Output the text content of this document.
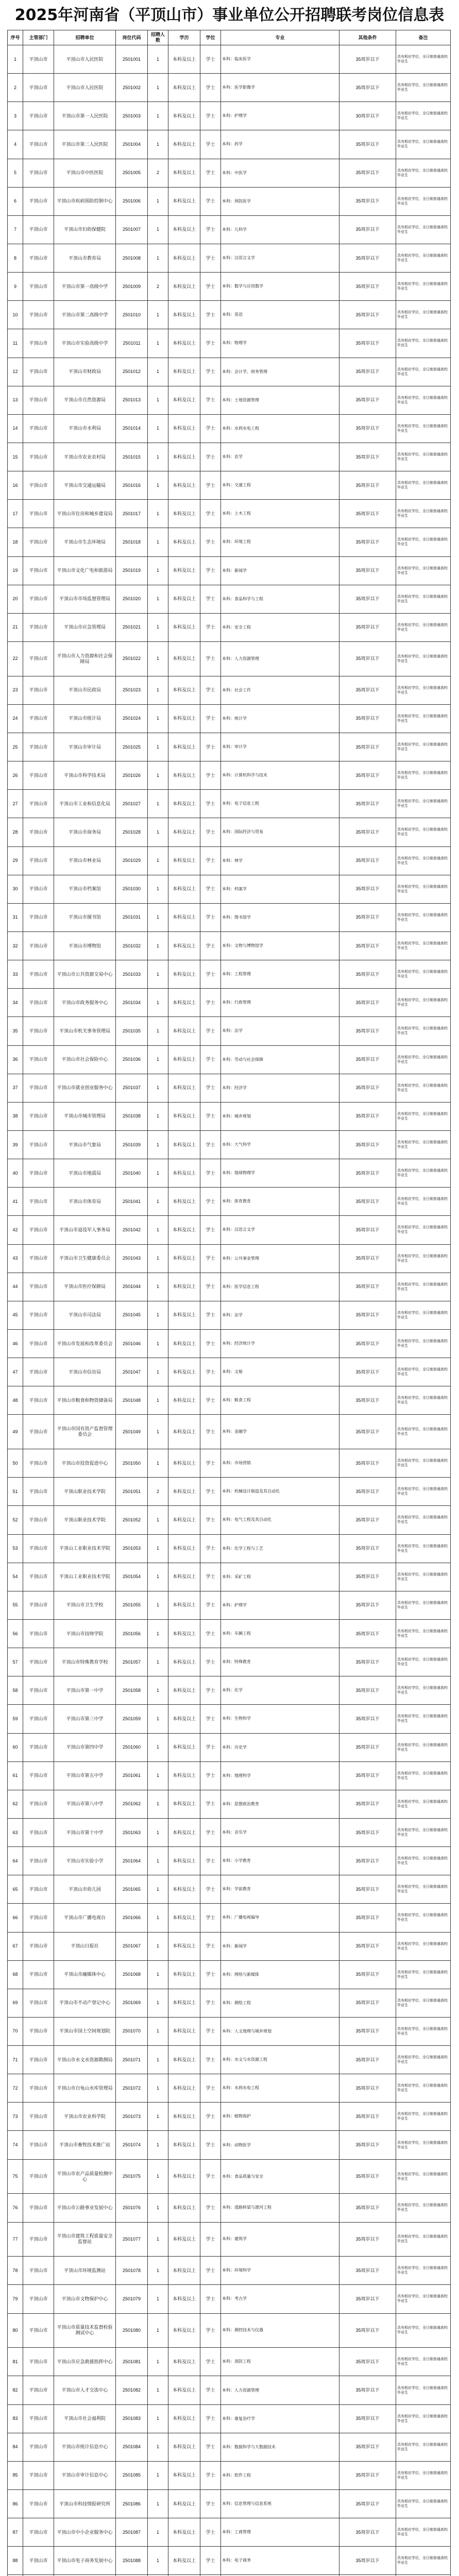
2025年河南省（平顶山市）事业单位公开招聘联考岗位信息表
序号	主管部门	招聘单位	岗位代码	招聘人数	学历	学位	专业	其他条件	备注
1	平顶山市	平顶山市人民医院	2501001	1	本科及以上	学士	本科：临床医学	35周岁以下	具有相应学位，全日制普通高校毕业生
2	平顶山市	平顶山市人民医院	2501002	1	本科及以上	学士	本科：医学影像学	35周岁以下	具有相应学位，全日制普通高校毕业生
3	平顶山市	平顶山市第一人民医院	2501003	1	本科及以上	学士	本科：护理学	30周岁以下	具有相应学位，全日制普通高校毕业生
4	平顶山市	平顶山市第二人民医院	2501004	1	本科及以上	学士	本科：药学	35周岁以下	具有相应学位，全日制普通高校毕业生
5	平顶山市	平顶山市中医医院	2501005	2	本科及以上	学士	本科：中医学	35周岁以下	具有相应学位，全日制普通高校毕业生
6	平顶山市	平顶山市疾病预防控制中心	2501006	1	本科及以上	学士	本科：预防医学	35周岁以下	具有相应学位，全日制普通高校毕业生
7	平顶山市	平顶山市妇幼保健院	2501007	1	本科及以上	学士	本科：儿科学	35周岁以下	具有相应学位，全日制普通高校毕业生
8	平顶山市	平顶山市教育局	2501008	1	本科及以上	学士	本科：汉语言文学	35周岁以下	具有相应学位，全日制普通高校毕业生
9	平顶山市	平顶山市第一高级中学	2501009	2	本科及以上	学士	本科：数学与应用数学	35周岁以下	具有相应学位，全日制普通高校毕业生
10	平顶山市	平顶山市第二高级中学	2501010	1	本科及以上	学士	本科：英语	35周岁以下	具有相应学位，全日制普通高校毕业生
11	平顶山市	平顶山市实验高级中学	2501011	1	本科及以上	学士	本科：物理学	35周岁以下	具有相应学位，全日制普通高校毕业生
12	平顶山市	平顶山市财政局	2501012	1	本科及以上	学士	本科：会计学、财务管理	35周岁以下	具有相应学位，全日制普通高校毕业生
13	平顶山市	平顶山市自然资源局	2501013	1	本科及以上	学士	本科：土地资源管理	35周岁以下	具有相应学位，全日制普通高校毕业生
14	平顶山市	平顶山市水利局	2501014	1	本科及以上	学士	本科：水利水电工程	35周岁以下	具有相应学位，全日制普通高校毕业生
15	平顶山市	平顶山市农业农村局	2501015	1	本科及以上	学士	本科：农学	35周岁以下	具有相应学位，全日制普通高校毕业生
16	平顶山市	平顶山市交通运输局	2501016	1	本科及以上	学士	本科：交通工程	35周岁以下	具有相应学位，全日制普通高校毕业生
17	平顶山市	平顶山市住房和城乡建设局	2501017	1	本科及以上	学士	本科：土木工程	35周岁以下	具有相应学位，全日制普通高校毕业生
18	平顶山市	平顶山市生态环境局	2501018	1	本科及以上	学士	本科：环境工程	35周岁以下	具有相应学位，全日制普通高校毕业生
19	平顶山市	平顶山市文化广电和旅游局	2501019	1	本科及以上	学士	本科：新闻学	35周岁以下	具有相应学位，全日制普通高校毕业生
20	平顶山市	平顶山市市场监督管理局	2501020	1	本科及以上	学士	本科：食品科学与工程	35周岁以下	具有相应学位，全日制普通高校毕业生
21	平顶山市	平顶山市应急管理局	2501021	1	本科及以上	学士	本科：安全工程	35周岁以下	具有相应学位，全日制普通高校毕业生
22	平顶山市	平顶山市人力资源和社会保障局	2501022	1	本科及以上	学士	本科：人力资源管理	35周岁以下	具有相应学位，全日制普通高校毕业生
23	平顶山市	平顶山市民政局	2501023	1	本科及以上	学士	本科：社会工作	35周岁以下	具有相应学位，全日制普通高校毕业生
24	平顶山市	平顶山市统计局	2501024	1	本科及以上	学士	本科：统计学	35周岁以下	具有相应学位，全日制普通高校毕业生
25	平顶山市	平顶山市审计局	2501025	1	本科及以上	学士	本科：审计学	35周岁以下	具有相应学位，全日制普通高校毕业生
26	平顶山市	平顶山市科学技术局	2501026	1	本科及以上	学士	本科：计算机科学与技术	35周岁以下	具有相应学位，全日制普通高校毕业生
27	平顶山市	平顶山市工业和信息化局	2501027	1	本科及以上	学士	本科：电子信息工程	35周岁以下	具有相应学位，全日制普通高校毕业生
28	平顶山市	平顶山市商务局	2501028	1	本科及以上	学士	本科：国际经济与贸易	35周岁以下	具有相应学位，全日制普通高校毕业生
29	平顶山市	平顶山市林业局	2501029	1	本科及以上	学士	本科：林学	35周岁以下	具有相应学位，全日制普通高校毕业生
30	平顶山市	平顶山市档案馆	2501030	1	本科及以上	学士	本科：档案学	35周岁以下	具有相应学位，全日制普通高校毕业生
31	平顶山市	平顶山市图书馆	2501031	1	本科及以上	学士	本科：图书馆学	35周岁以下	具有相应学位，全日制普通高校毕业生
32	平顶山市	平顶山市博物馆	2501032	1	本科及以上	学士	本科：文物与博物馆学	35周岁以下	具有相应学位，全日制普通高校毕业生
33	平顶山市	平顶山市公共资源交易中心	2501033	1	本科及以上	学士	本科：工程管理	35周岁以下	具有相应学位，全日制普通高校毕业生
34	平顶山市	平顶山市政务服务中心	2501034	1	本科及以上	学士	本科：行政管理	35周岁以下	具有相应学位，全日制普通高校毕业生
35	平顶山市	平顶山市机关事务管理局	2501035	1	本科及以上	学士	本科：法学	35周岁以下	具有相应学位，全日制普通高校毕业生
36	平顶山市	平顶山市社会保险中心	2501036	1	本科及以上	学士	本科：劳动与社会保障	35周岁以下	具有相应学位，全日制普通高校毕业生
37	平顶山市	平顶山市就业创业服务中心	2501037	1	本科及以上	学士	本科：经济学	35周岁以下	具有相应学位，全日制普通高校毕业生
38	平顶山市	平顶山市城市管理局	2501038	1	本科及以上	学士	本科：城乡规划	35周岁以下	具有相应学位，全日制普通高校毕业生
39	平顶山市	平顶山市气象局	2501039	1	本科及以上	学士	本科：大气科学	35周岁以下	具有相应学位，全日制普通高校毕业生
40	平顶山市	平顶山市地震局	2501040	1	本科及以上	学士	本科：地球物理学	35周岁以下	具有相应学位，全日制普通高校毕业生
41	平顶山市	平顶山市体育局	2501041	1	本科及以上	学士	本科：体育教育	35周岁以下	具有相应学位，全日制普通高校毕业生
42	平顶山市	平顶山市退役军人事务局	2501042	1	本科及以上	学士	本科：汉语言文学	35周岁以下	具有相应学位，全日制普通高校毕业生
43	平顶山市	平顶山市卫生健康委员会	2501043	1	本科及以上	学士	本科：公共事业管理	35周岁以下	具有相应学位，全日制普通高校毕业生
44	平顶山市	平顶山市医疗保障局	2501044	1	本科及以上	学士	本科：医学信息工程	35周岁以下	具有相应学位，全日制普通高校毕业生
45	平顶山市	平顶山市司法局	2501045	1	本科及以上	学士	本科：法学	35周岁以下	具有相应学位，全日制普通高校毕业生
46	平顶山市	平顶山市发展和改革委员会	2501046	1	本科及以上	学士	本科：经济统计学	35周岁以下	具有相应学位，全日制普通高校毕业生
47	平顶山市	平顶山市信访局	2501047	1	本科及以上	学士	本科：文秘	35周岁以下	具有相应学位，全日制普通高校毕业生
48	平顶山市	平顶山市粮食和物资储备局	2501048	1	本科及以上	学士	本科：粮食工程	35周岁以下	具有相应学位，全日制普通高校毕业生
49	平顶山市	平顶山市国有资产监督管理委员会	2501049	1	本科及以上	学士	本科：金融学	35周岁以下	具有相应学位，全日制普通高校毕业生
50	平顶山市	平顶山市投资促进中心	2501050	1	本科及以上	学士	本科：市场营销	35周岁以下	具有相应学位，全日制普通高校毕业生
51	平顶山市	平顶山职业技术学院	2501051	2	本科及以上	学士	本科：机械设计制造及其自动化	35周岁以下	具有相应学位，全日制普通高校毕业生
52	平顶山市	平顶山职业技术学院	2501052	1	本科及以上	学士	本科：电气工程及其自动化	35周岁以下	具有相应学位，全日制普通高校毕业生
53	平顶山市	平顶山工业职业技术学院	2501053	1	本科及以上	学士	本科：化学工程与工艺	35周岁以下	具有相应学位，全日制普通高校毕业生
54	平顶山市	平顶山工业职业技术学院	2501054	1	本科及以上	学士	本科：采矿工程	35周岁以下	具有相应学位，全日制普通高校毕业生
55	平顶山市	平顶山市卫生学校	2501055	1	本科及以上	学士	本科：护理学	35周岁以下	具有相应学位，全日制普通高校毕业生
56	平顶山市	平顶山市技师学院	2501056	1	本科及以上	学士	本科：车辆工程	35周岁以下	具有相应学位，全日制普通高校毕业生
57	平顶山市	平顶山市特殊教育学校	2501057	1	本科及以上	学士	本科：特殊教育	35周岁以下	具有相应学位，全日制普通高校毕业生
58	平顶山市	平顶山市第一中学	2501058	1	本科及以上	学士	本科：化学	35周岁以下	具有相应学位，全日制普通高校毕业生
59	平顶山市	平顶山市第三中学	2501059	1	本科及以上	学士	本科：生物科学	35周岁以下	具有相应学位，全日制普通高校毕业生
60	平顶山市	平顶山市第四中学	2501060	1	本科及以上	学士	本科：历史学	35周岁以下	具有相应学位，全日制普通高校毕业生
61	平顶山市	平顶山市第五中学	2501061	1	本科及以上	学士	本科：地理科学	35周岁以下	具有相应学位，全日制普通高校毕业生
62	平顶山市	平顶山市第八中学	2501062	1	本科及以上	学士	本科：思想政治教育	35周岁以下	具有相应学位，全日制普通高校毕业生
63	平顶山市	平顶山市第十中学	2501063	1	本科及以上	学士	本科：音乐学	35周岁以下	具有相应学位，全日制普通高校毕业生
64	平顶山市	平顶山市实验小学	2501064	1	本科及以上	学士	本科：小学教育	35周岁以下	具有相应学位，全日制普通高校毕业生
65	平顶山市	平顶山市幼儿园	2501065	1	本科及以上	学士	本科：学前教育	35周岁以下	具有相应学位，全日制普通高校毕业生
66	平顶山市	平顶山市广播电视台	2501066	1	本科及以上	学士	本科：广播电视编导	35周岁以下	具有相应学位，全日制普通高校毕业生
67	平顶山市	平顶山日报社	2501067	1	本科及以上	学士	本科：新闻学	35周岁以下	具有相应学位，全日制普通高校毕业生
68	平顶山市	平顶山市融媒体中心	2501068	1	本科及以上	学士	本科：网络与新媒体	35周岁以下	具有相应学位，全日制普通高校毕业生
69	平顶山市	平顶山市不动产登记中心	2501069	1	本科及以上	学士	本科：测绘工程	35周岁以下	具有相应学位，全日制普通高校毕业生
70	平顶山市	平顶山市国土空间规划院	2501070	1	本科及以上	学士	本科：人文地理与城乡规划	35周岁以下	具有相应学位，全日制普通高校毕业生
71	平顶山市	平顶山市水文水资源勘测局	2501071	1	本科及以上	学士	本科：水文与水资源工程	35周岁以下	具有相应学位，全日制普通高校毕业生
72	平顶山市	平顶山市白龟山水库管理局	2501072	1	本科及以上	学士	本科：水利水电工程	35周岁以下	具有相应学位，全日制普通高校毕业生
73	平顶山市	平顶山市农业科学院	2501073	1	本科及以上	学士	本科：植物保护	35周岁以下	具有相应学位，全日制普通高校毕业生
74	平顶山市	平顶山市畜牧技术推广站	2501074	1	本科及以上	学士	本科：动物医学	35周岁以下	具有相应学位，全日制普通高校毕业生
75	平顶山市	平顶山市农产品质量检测中心	2501075	1	本科及以上	学士	本科：食品质量与安全	35周岁以下	具有相应学位，全日制普通高校毕业生
76	平顶山市	平顶山市公路事业发展中心	2501076	1	本科及以上	学士	本科：道路桥梁与渡河工程	35周岁以下	具有相应学位，全日制普通高校毕业生
77	平顶山市	平顶山市建筑工程质量安全监督站	2501077	1	本科及以上	学士	本科：建筑学	35周岁以下	具有相应学位，全日制普通高校毕业生
78	平顶山市	平顶山市环境监测站	2501078	1	本科及以上	学士	本科：环境科学	35周岁以下	具有相应学位，全日制普通高校毕业生
79	平顶山市	平顶山市文物保护中心	2501079	1	本科及以上	学士	本科：考古学	35周岁以下	具有相应学位，全日制普通高校毕业生
80	平顶山市	平顶山市质量技术监督检验测试中心	2501080	1	本科及以上	学士	本科：测控技术与仪器	35周岁以下	具有相应学位，全日制普通高校毕业生
81	平顶山市	平顶山市应急救援指挥中心	2501081	1	本科及以上	学士	本科：消防工程	35周岁以下	具有相应学位，全日制普通高校毕业生
82	平顶山市	平顶山市人才交流中心	2501082	1	本科及以上	学士	本科：人力资源管理	35周岁以下	具有相应学位，全日制普通高校毕业生
83	平顶山市	平顶山市社会福利院	2501083	1	本科及以上	学士	本科：康复治疗学	35周岁以下	具有相应学位，全日制普通高校毕业生
84	平顶山市	平顶山市统计信息中心	2501084	1	本科及以上	学士	本科：数据科学与大数据技术	35周岁以下	具有相应学位，全日制普通高校毕业生
85	平顶山市	平顶山市审计信息中心	2501085	1	本科及以上	学士	本科：软件工程	35周岁以下	具有相应学位，全日制普通高校毕业生
86	平顶山市	平顶山市科技情报研究所	2501086	1	本科及以上	学士	本科：信息管理与信息系统	35周岁以下	具有相应学位，全日制普通高校毕业生
87	平顶山市	平顶山市中小企业服务中心	2501087	1	本科及以上	学士	本科：工商管理	35周岁以下	具有相应学位，全日制普通高校毕业生
88	平顶山市	平顶山市电子商务发展中心	2501088	1	本科及以上	学士	本科：电子商务	35周岁以下	具有相应学位，全日制普通高校毕业生
